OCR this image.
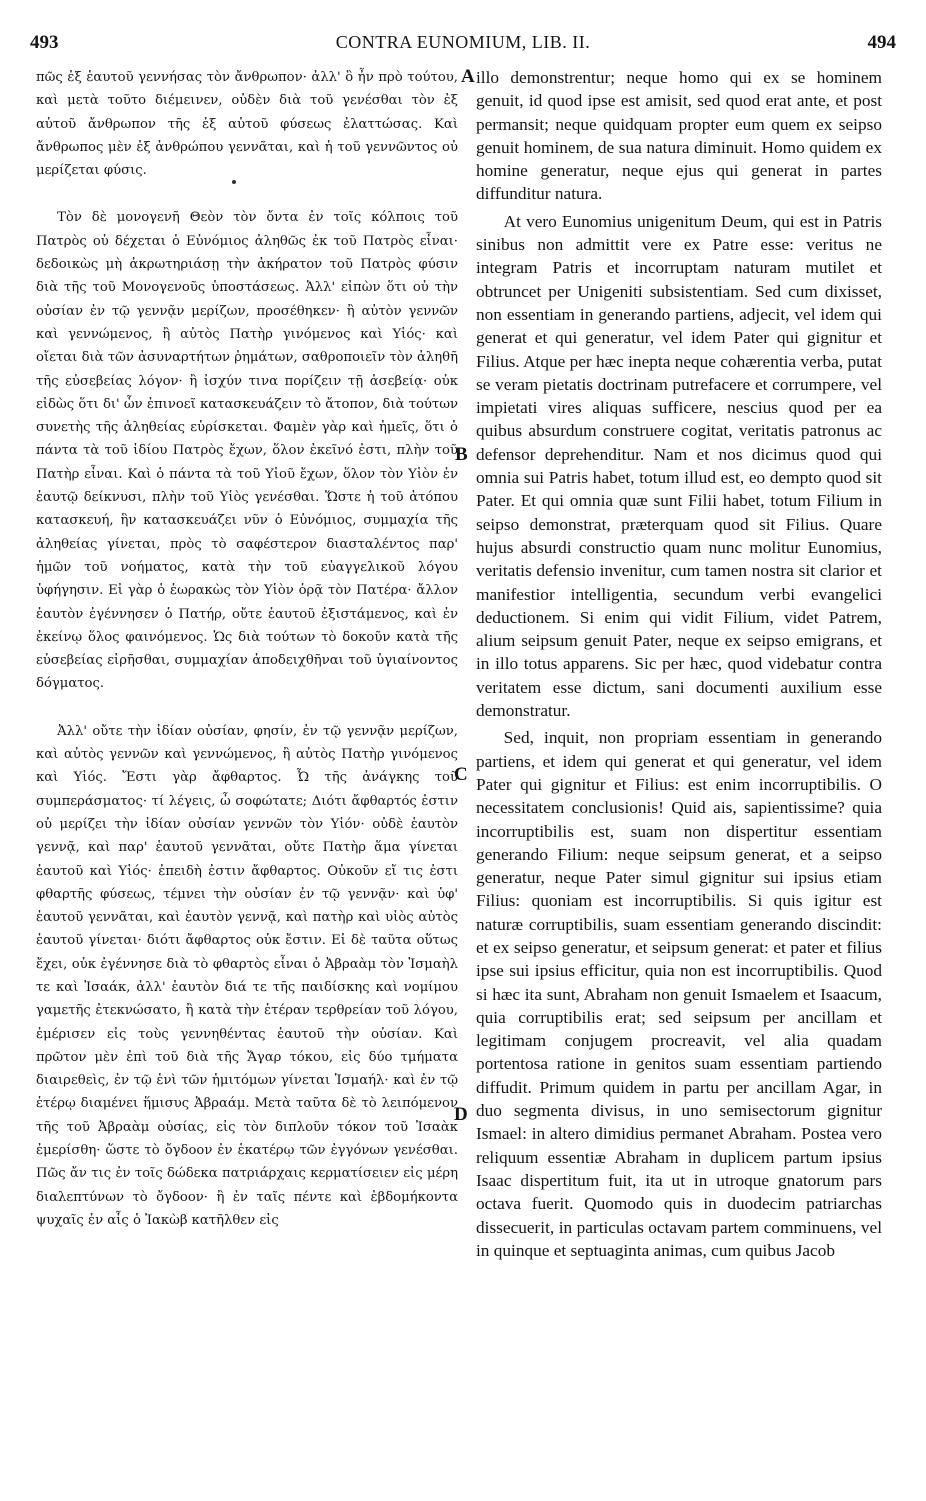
493	CONTRA EUNOMIUM, LIB. II.	494

πῶς ἐξ ἑαυτοῦ γεννήσας τὸν ἄνθρωπον· ἀλλ' ὃ ἦν πρὸ τούτου, καὶ μετὰ τοῦτο διέμεινεν, οὐδὲν διὰ τοῦ γενέσθαι τὸν ἐξ αὐτοῦ ἄνθρωπον τῆς ἐξ αὐτοῦ φύσεως ἐλαττώσας. Καὶ ἄνθρωπος μὲν ἐξ ἀνθρώπου γεννᾶται, καὶ ἡ τοῦ γεννῶντος οὐ μερίζεται φύσις.

Τὸν δὲ μονογενῆ Θεὸν τὸν ὄντα ἐν τοῖς κόλποις τοῦ Πατρὸς οὐ δέχεται ὁ Εὐνόμιος ἀληθῶς ἐκ τοῦ Πατρὸς εἶναι· δεδοικὼς μὴ ἀκρωτηριάσῃ τὴν ἀκήρατον τοῦ Πατρὸς φύσιν διὰ τῆς τοῦ Μονογενοῦς ὑποστάσεως. Ἀλλ' εἰπὼν ὅτι οὐ τὴν οὐσίαν ἐν τῷ γεννᾷν μερίζων, προσέθηκεν· ἢ αὐτὸν γεννῶν καὶ γεννώμενος, ἢ αὐτὸς Πατὴρ γινόμενος καὶ Υἱός· καὶ οἴεται διὰ τῶν ἀσυναρτήτων ῥημάτων, σαθροποιεῖν τὸν ἀληθῆ τῆς εὐσεβείας λόγον· ἢ ἰσχύν τινα πορίζειν τῇ ἀσεβείᾳ· οὐκ εἰδὼς ὅτι δι' ὧν ἐπινοεῖ κατασκευάζειν τὸ ἄτοπον, διὰ τούτων συνετὴς τῆς ἀληθείας εὑρίσκεται. Φαμὲν γὰρ καὶ ἡμεῖς, ὅτι ὁ πάντα τὰ τοῦ ἰδίου Πατρὸς ἔχων, ὅλον ἐκεῖνό ἐστι, πλὴν τοῦ Πατὴρ εἶναι. Καὶ ὁ πάντα τὰ τοῦ Υἱοῦ ἔχων, ὅλον τὸν Υἱὸν ἐν ἑαυτῷ δείκνυσι, πλὴν τοῦ Υἱὸς γενέσθαι. Ὥστε ἡ τοῦ ἀτόπου κατασκευή, ἣν κατασκευάζει νῦν ὁ Εὐνόμιος, συμμαχία τῆς ἀληθείας γίνεται, πρὸς τὸ σαφέστερον διασταλέντος παρ' ἡμῶν τοῦ νοήματος, κατὰ τὴν τοῦ εὐαγγελικοῦ λόγου ὑφήγησιν. Εἰ γὰρ ὁ ἑωρακὼς τὸν Υἱὸν ὁρᾷ τὸν Πατέρα· ἄλλον ἑαυτὸν ἐγέννησεν ὁ Πατήρ, οὔτε ἑαυτοῦ ἐξιστάμενος, καὶ ἐν ἐκείνῳ ὅλος φαινόμενος. Ὡς διὰ τούτων τὸ δοκοῦν κατὰ τῆς εὐσεβείας εἰρῆσθαι, συμμαχίαν ἀποδειχθῆναι τοῦ ὑγιαίνοντος δόγματος.

Ἀλλ' οὔτε τὴν ἰδίαν οὐσίαν, φησίν, ἐν τῷ γεννᾷν μερίζων, καὶ αὐτὸς γεννῶν καὶ γεννώμενος, ἢ αὐτὸς Πατὴρ γινόμενος καὶ Υἱός. Ἔστι γὰρ ἄφθαρτος. Ὦ τῆς ἀνάγκης τοῦ συμπεράσματος· τί λέγεις, ὦ σοφώτατε; Διότι ἄφθαρτός ἐστιν οὐ μερίζει τὴν ἰδίαν οὐσίαν γεννῶν τὸν Υἱόν· οὐδὲ ἑαυτὸν γεννᾷ, καὶ παρ' ἑαυτοῦ γεννᾶται, οὔτε Πατὴρ ἅμα γίνεται ἑαυτοῦ καὶ Υἱός· ἐπειδὴ ἐστιν ἄφθαρτος. Οὐκοῦν εἴ τις ἐστι φθαρτῆς φύσεως, τέμνει τὴν οὐσίαν ἐν τῷ γεννᾷν· καὶ ὑφ' ἑαυτοῦ γεννᾶται, καὶ ἑαυτὸν γεννᾷ, καὶ πατὴρ καὶ υἱὸς αὐτὸς ἑαυτοῦ γίνεται· διότι ἄφθαρτος οὐκ ἔστιν. Εἰ δὲ ταῦτα οὕτως ἔχει, οὐκ ἐγέννησε διὰ τὸ φθαρτὸς εἶναι ὁ Ἀβραὰμ τὸν Ἰσμαὴλ τε καὶ Ἰσαάκ, ἀλλ' ἑαυτὸν διά τε τῆς παιδίσκης καὶ νομίμου γαμετῆς ἐτεκνώσατο, ἢ κατὰ τὴν ἑτέραν τερθρείαν τοῦ λόγου, ἐμέρισεν εἰς τοὺς γεννηθέντας ἑαυτοῦ τὴν οὐσίαν. Καὶ πρῶτον μὲν ἐπὶ τοῦ διὰ τῆς Ἄγαρ τόκου, εἰς δύο τμήματα διαιρεθεὶς, ἐν τῷ ἑνὶ τῶν ἡμιτόμων γίνεται Ἰσμαήλ· καὶ ἐν τῷ ἑτέρῳ διαμένει ἥμισυς Ἀβραάμ. Μετὰ ταῦτα δὲ τὸ λειπόμενον τῆς τοῦ Ἀβραὰμ οὐσίας, εἰς τὸν διπλοῦν τόκον τοῦ Ἰσαὰκ ἐμερίσθη· ὥστε τὸ ὄγδοον ἐν ἑκατέρῳ τῶν ἐγγόνων γενέσθαι. Πῶς ἄν τις ἐν τοῖς δώδεκα πατριάρχαις κερματίσειεν εἰς μέρη διαλεπτύνων τὸ ὄγδοον· ἢ ἐν ταῖς πέντε καὶ ἑβδομήκοντα ψυχαῖς ἐν αἷς ὁ Ἰακὼβ κατῆλθεν εἰς

illo demonstrentur; neque homo qui ex se hominem genuit, id quod ipse est amisit, sed quod erat ante, et post permansit; neque quidquam propter eum quem ex seipso genuit hominem, de sua natura diminuit. Homo quidem ex homine generatur, neque ejus qui generat in partes diffunditur natura.

At vero Eunomius unigenitum Deum, qui est in Patris sinibus non admittit vere ex Patre esse: veritus ne integram Patris et incorruptam naturam mutilet et obtruncet per Unigeniti subsistentiam. Sed cum dixisset, non essentiam in generando partiens, adjecit, vel idem qui generat et qui generatur, vel idem Pater qui gignitur et Filius. Atque per hæc inepta neque cohærentia verba, putat se veram pietatis doctrinam putrefacere et corrumpere, vel impietati vires aliquas sufficere, nescius quod per ea quibus absurdum construere cogitat, veritatis patronus ac defensor deprehenditur. Nam et nos dicimus quod qui omnia sui Patris habet, totum illud est, eo dempto quod sit Pater. Et qui omnia quæ sunt Filii habet, totum Filium in seipso demonstrat, præterquam quod sit Filius. Quare hujus absurdi constructio quam nunc molitur Eunomius, veritatis defensio invenitur, cum tamen nostra sit clarior et manifestior intelligentia, secundum verbi evangelici deductionem. Si enim qui vidit Filium, videt Patrem, alium seipsum genuit Pater, neque ex seipso emigrans, et in illo totus apparens. Sic per hæc, quod videbatur contra veritatem esse dictum, sani documenti auxilium esse demonstratur.

Sed, inquit, non propriam essentiam in generando partiens, et idem qui generat et qui generatur, vel idem Pater qui gignitur et Filius: est enim incorruptibilis. O necessitatem conclusionis! Quid ais, sapientissime? quia incorruptibilis est, suam non dispertitur essentiam generando Filium: neque seipsum generat, et a seipso generatur, neque Pater simul gignitur sui ipsius etiam Filius: quoniam est incorruptibilis. Si quis igitur est naturæ corruptibilis, suam essentiam generando discindit: et ex seipso generatur, et seipsum generat: et pater et filius ipse sui ipsius efficitur, quia non est incorruptibilis. Quod si hæc ita sunt, Abraham non genuit Ismaelem et Isaacum, quia corruptibilis erat; sed seipsum per ancillam et legitimam conjugem procreavit, vel alia quadam portentosa ratione in genitos suam essentiam partiendo diffudit. Primum quidem in partu per ancillam Agar, in duo segmenta divisus, in uno semisectorum gignitur Ismael: in altero dimidius permanet Abraham. Postea vero reliquum essentiæ Abraham in duplicem partum ipsius Isaac dispertitum fuit, ita ut in utroque gnatorum pars octava fuerit. Quomodo quis in duodecim patriarchas dissecuerit, in particulas octavam partem comminuens, vel in quinque et septuaginta animas, cum quibus Jacob

A
B
C
D
